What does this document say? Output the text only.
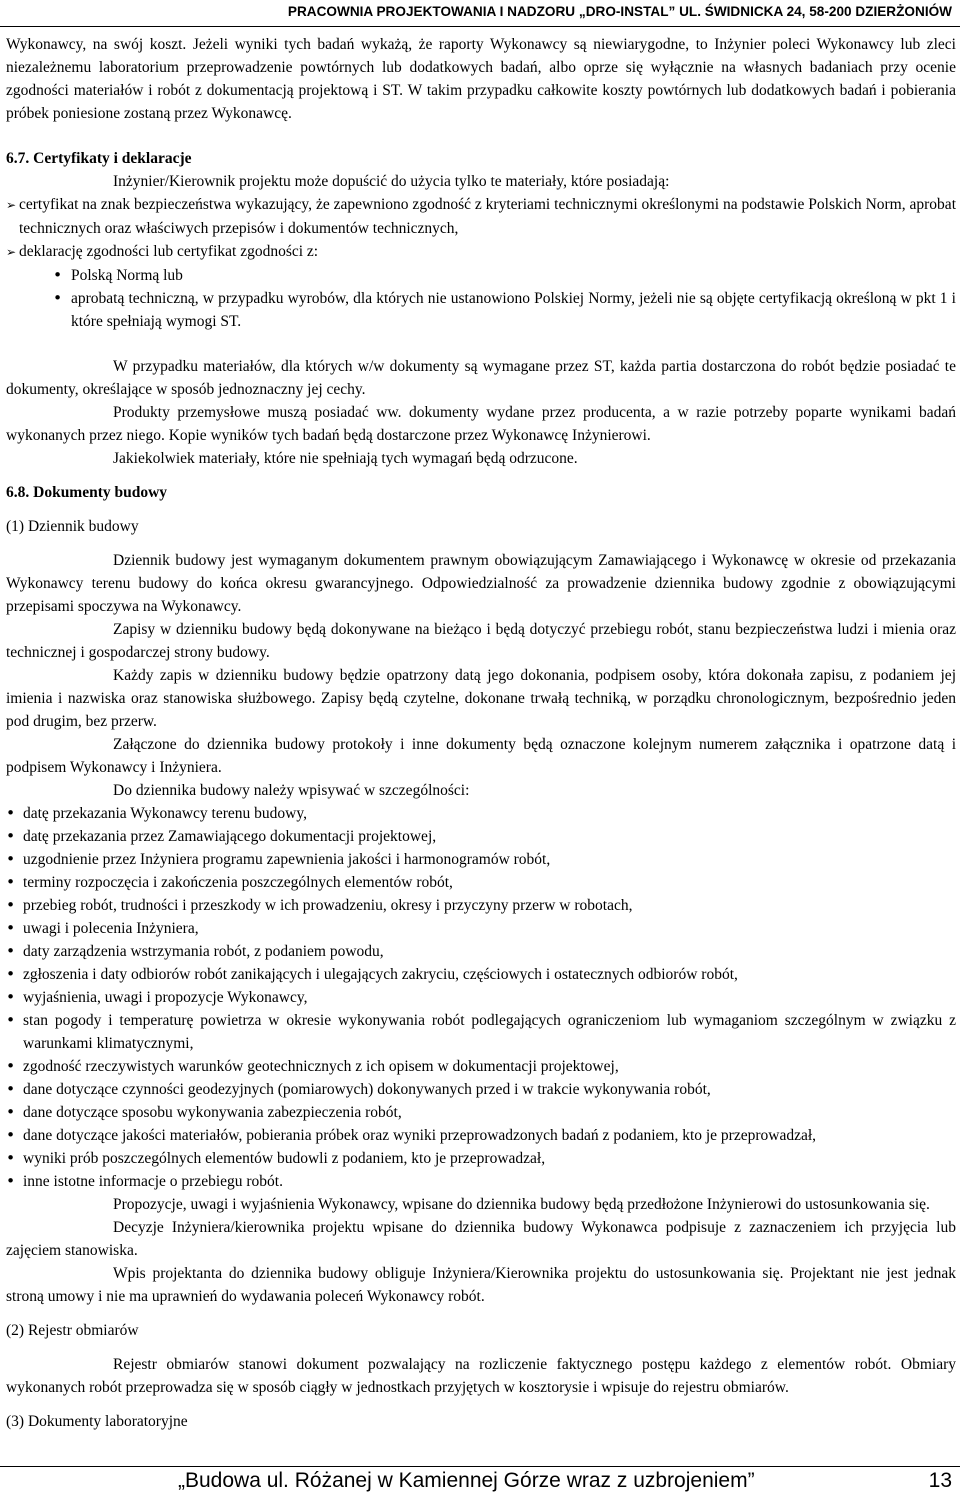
PRACOWNIA PROJEKTOWANIA I NADZORU „DRO-INSTAL” UL. ŚWIDNICKA 24, 58-200 DZIERŻONIÓW

Wykonawcy, na swój koszt. Jeżeli wyniki tych badań wykażą, że raporty Wykonawcy są niewiarygodne, to Inżynier poleci Wykonawcy lub zleci niezależnemu laboratorium przeprowadzenie powtórnych lub dodatkowych badań, albo oprze się wyłącznie na własnych badaniach przy ocenie zgodności materiałów i robót z dokumentacją projektową i ST. W takim przypadku całkowite koszty powtórnych lub dodatkowych badań i pobierania próbek poniesione zostaną przez Wykonawcę.

6.7. Certyfikaty i deklaracje

Inżynier/Kierownik projektu może dopuścić do użycia tylko te materiały, które posiadają:

➢ certyfikat na znak bezpieczeństwa wykazujący, że zapewniono zgodność z kryteriami technicznymi określonymi na podstawie Polskich Norm, aprobat technicznych oraz właściwych przepisów i dokumentów technicznych,

➢ deklarację zgodności lub certyfikat zgodności z:

• Polską Normą lub

• aprobatą techniczną, w przypadku wyrobów, dla których nie ustanowiono Polskiej Normy, jeżeli nie są objęte certyfikacją określoną w pkt 1 i które spełniają wymogi ST.

W przypadku materiałów, dla których w/w dokumenty są wymagane przez ST, każda partia dostarczona do robót będzie posiadać te dokumenty, określające w sposób jednoznaczny jej cechy.

Produkty przemysłowe muszą posiadać ww. dokumenty wydane przez producenta, a w razie potrzeby poparte wynikami badań wykonanych przez niego. Kopie wyników tych badań będą dostarczone przez Wykonawcę Inżynierowi.

Jakiekolwiek materiały, które nie spełniają tych wymagań będą odrzucone.

6.8. Dokumenty budowy

(1) Dziennik budowy

Dziennik budowy jest wymaganym dokumentem prawnym obowiązującym Zamawiającego i Wykonawcę w okresie od przekazania Wykonawcy terenu budowy do końca okresu gwarancyjnego. Odpowiedzialność za prowadzenie dziennika budowy zgodnie z obowiązującymi przepisami spoczywa na Wykonawcy.

Zapisy w dzienniku budowy będą dokonywane na bieżąco i będą dotyczyć przebiegu robót, stanu bezpieczeństwa ludzi i mienia oraz technicznej i gospodarczej strony budowy.

Każdy zapis w dzienniku budowy będzie opatrzony datą jego dokonania, podpisem osoby, która dokonała zapisu, z podaniem jej imienia i nazwiska oraz stanowiska służbowego. Zapisy będą czytelne, dokonane trwałą techniką, w porządku chronologicznym, bezpośrednio jeden pod drugim, bez przerw.

Załączone do dziennika budowy protokoły i inne dokumenty będą oznaczone kolejnym numerem załącznika i opatrzone datą i podpisem Wykonawcy i Inżyniera.

Do dziennika budowy należy wpisywać w szczególności:

• datę przekazania Wykonawcy terenu budowy,

• datę przekazania przez Zamawiającego dokumentacji projektowej,

• uzgodnienie przez Inżyniera programu zapewnienia jakości i harmonogramów robót,

• terminy rozpoczęcia i zakończenia poszczególnych elementów robót,

• przebieg robót, trudności i przeszkody w ich prowadzeniu, okresy i przyczyny przerw w robotach,

• uwagi i polecenia Inżyniera,

• daty zarządzenia wstrzymania robót, z podaniem powodu,

• zgłoszenia i daty odbiorów robót zanikających i ulegających zakryciu, częściowych i ostatecznych odbiorów robót,

• wyjaśnienia, uwagi i propozycje Wykonawcy,

• stan pogody i temperaturę powietrza w okresie wykonywania robót podlegających ograniczeniom lub wymaganiom szczególnym w związku z warunkami klimatycznymi,

• zgodność rzeczywistych warunków geotechnicznych z ich opisem w dokumentacji projektowej,

• dane dotyczące czynności geodezyjnych (pomiarowych) dokonywanych przed i w trakcie wykonywania robót,

• dane dotyczące sposobu wykonywania zabezpieczenia robót,

• dane dotyczące jakości materiałów, pobierania próbek oraz wyniki przeprowadzonych badań z podaniem, kto je przeprowadzał,

• wyniki prób poszczególnych elementów budowli z podaniem, kto je przeprowadzał,

• inne istotne informacje o przebiegu robót.

Propozycje, uwagi i wyjaśnienia Wykonawcy, wpisane do dziennika budowy będą przedłożone Inżynierowi do ustosunkowania się.

Decyzje Inżyniera/kierownika projektu wpisane do dziennika budowy Wykonawca podpisuje z zaznaczeniem ich przyjęcia lub zajęciem stanowiska.

Wpis projektanta do dziennika budowy obliguje Inżyniera/Kierownika projektu do ustosunkowania się. Projektant nie jest jednak stroną umowy i nie ma uprawnień do wydawania poleceń Wykonawcy robót.

(2) Rejestr obmiarów

Rejestr obmiarów stanowi dokument pozwalający na rozliczenie faktycznego postępu każdego z elementów robót. Obmiary wykonanych robót przeprowadza się w sposób ciągły w jednostkach przyjętych w kosztorysie i wpisuje do rejestru obmiarów.

(3) Dokumenty laboratoryjne

„Budowa ul. Różanej w Kamiennej Górze wraz z uzbrojeniem”	13
